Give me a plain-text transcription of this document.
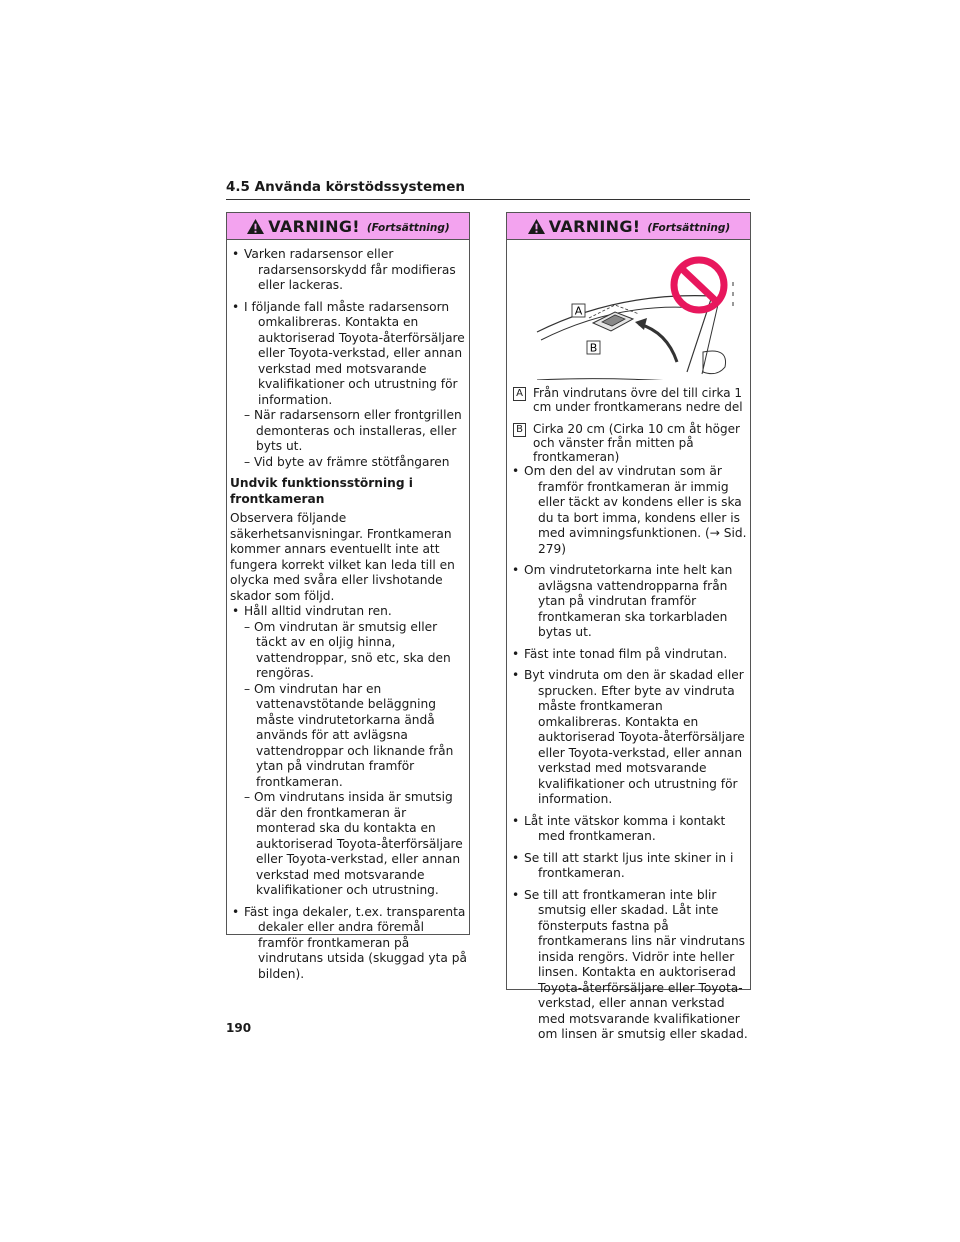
4.5 Använda körstödssystemen
VARNING! (Fortsättning)
• Varken radarsensor eller radarsensorskydd får modifieras eller lackeras.
• I följande fall måste radarsensorn omkalibreras. Kontakta en auktoriserad Toyota-återförsäljare eller Toyota-verkstad, eller annan verkstad med motsvarande kvalifikationer och utrustning för information.
– När radarsensorn eller frontgrillen demonteras och installeras, eller byts ut.
– Vid byte av främre stötfångaren
Undvik funktionsstörning i frontkameran
Observera följande säkerhetsanvisningar. Frontkameran kommer annars eventuellt inte att fungera korrekt vilket kan leda till en olycka med svåra eller livshotande skador som följd.
• Håll alltid vindrutan ren.
– Om vindrutan är smutsig eller täckt av en oljig hinna, vattendroppar, snö etc, ska den rengöras.
– Om vindrutan har en vattenavstötande beläggning måste vindrutetorkarna ändå används för att avlägsna vattendroppar och liknande från ytan på vindrutan framför frontkameran.
– Om vindrutans insida är smutsig där den frontkameran är monterad ska du kontakta en auktoriserad Toyota-återförsäljare eller Toyota-verkstad, eller annan verkstad med motsvarande kvalifikationer och utrustning.
• Fäst inga dekaler, t.ex. transparenta dekaler eller andra föremål framför frontkameran på vindrutans utsida (skuggad yta på bilden).
VARNING! (Fortsättning)
A
B
A Från vindrutans övre del till cirka 1 cm under frontkamerans nedre del
B Cirka 20 cm (Cirka 10 cm åt höger och vänster från mitten på frontkameran)
• Om den del av vindrutan som är framför frontkameran är immig eller täckt av kondens eller is ska du ta bort imma, kondens eller is med avimningsfunktionen. (→ Sid. 279)
• Om vindrutetorkarna inte helt kan avlägsna vattendropparna från ytan på vindrutan framför frontkameran ska torkarbladen bytas ut.
• Fäst inte tonad film på vindrutan.
• Byt vindruta om den är skadad eller sprucken. Efter byte av vindruta måste frontkameran omkalibreras. Kontakta en auktoriserad Toyota-återförsäljare eller Toyota-verkstad, eller annan verkstad med motsvarande kvalifikationer och utrustning för information.
• Låt inte vätskor komma i kontakt med frontkameran.
• Se till att starkt ljus inte skiner in i frontkameran.
• Se till att frontkameran inte blir smutsig eller skadad. Låt inte fönsterputs fastna på frontkamerans lins när vindrutans insida rengörs. Vidrör inte heller linsen. Kontakta en auktoriserad Toyota-återförsäljare eller Toyota-verkstad, eller annan verkstad med motsvarande kvalifikationer om linsen är smutsig eller skadad.
190
